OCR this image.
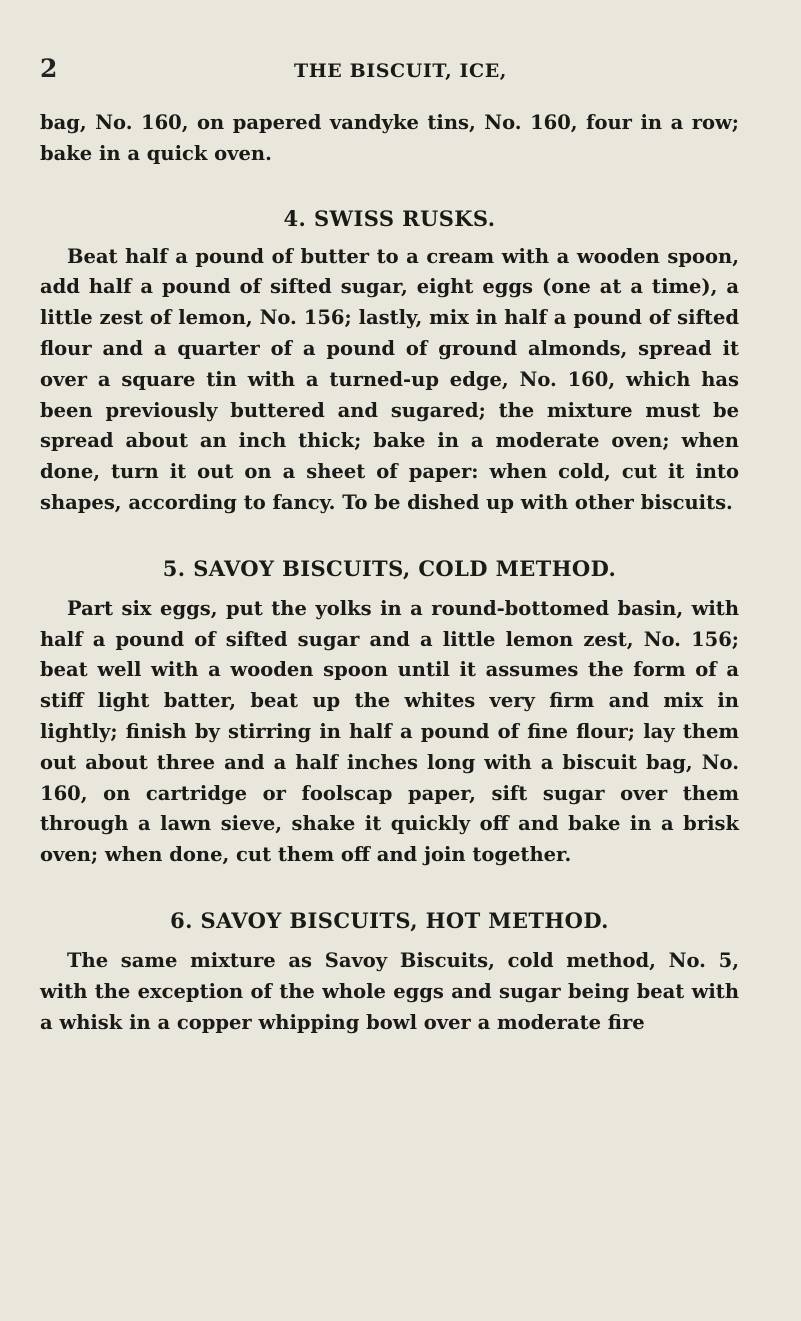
2	THE BISCUIT, ICE,

bag, No. 160, on papered vandyke tins, No. 160, four in a row; bake in a quick oven.

4. SWISS RUSKS.

Beat half a pound of butter to a cream with a wooden spoon, add half a pound of sifted sugar, eight eggs (one at a time), a little zest of lemon, No. 156; lastly, mix in half a pound of sifted flour and a quarter of a pound of ground almonds, spread it over a square tin with a turned-up edge, No. 160, which has been previously buttered and sugared; the mixture must be spread about an inch thick; bake in a moderate oven; when done, turn it out on a sheet of paper: when cold, cut it into shapes, according to fancy. To be dished up with other biscuits.

5. SAVOY BISCUITS, COLD METHOD.

Part six eggs, put the yolks in a round-bottomed basin, with half a pound of sifted sugar and a little lemon zest, No. 156; beat well with a wooden spoon until it assumes the form of a stiff light batter, beat up the whites very firm and mix in lightly; finish by stirring in half a pound of fine flour; lay them out about three and a half inches long with a biscuit bag, No. 160, on cartridge or foolscap paper, sift sugar over them through a lawn sieve, shake it quickly off and bake in a brisk oven; when done, cut them off and join together.

6. SAVOY BISCUITS, HOT METHOD.

The same mixture as Savoy Biscuits, cold method, No. 5, with the exception of the whole eggs and sugar being beat with a whisk in a copper whipping bowl over a moderate fire
